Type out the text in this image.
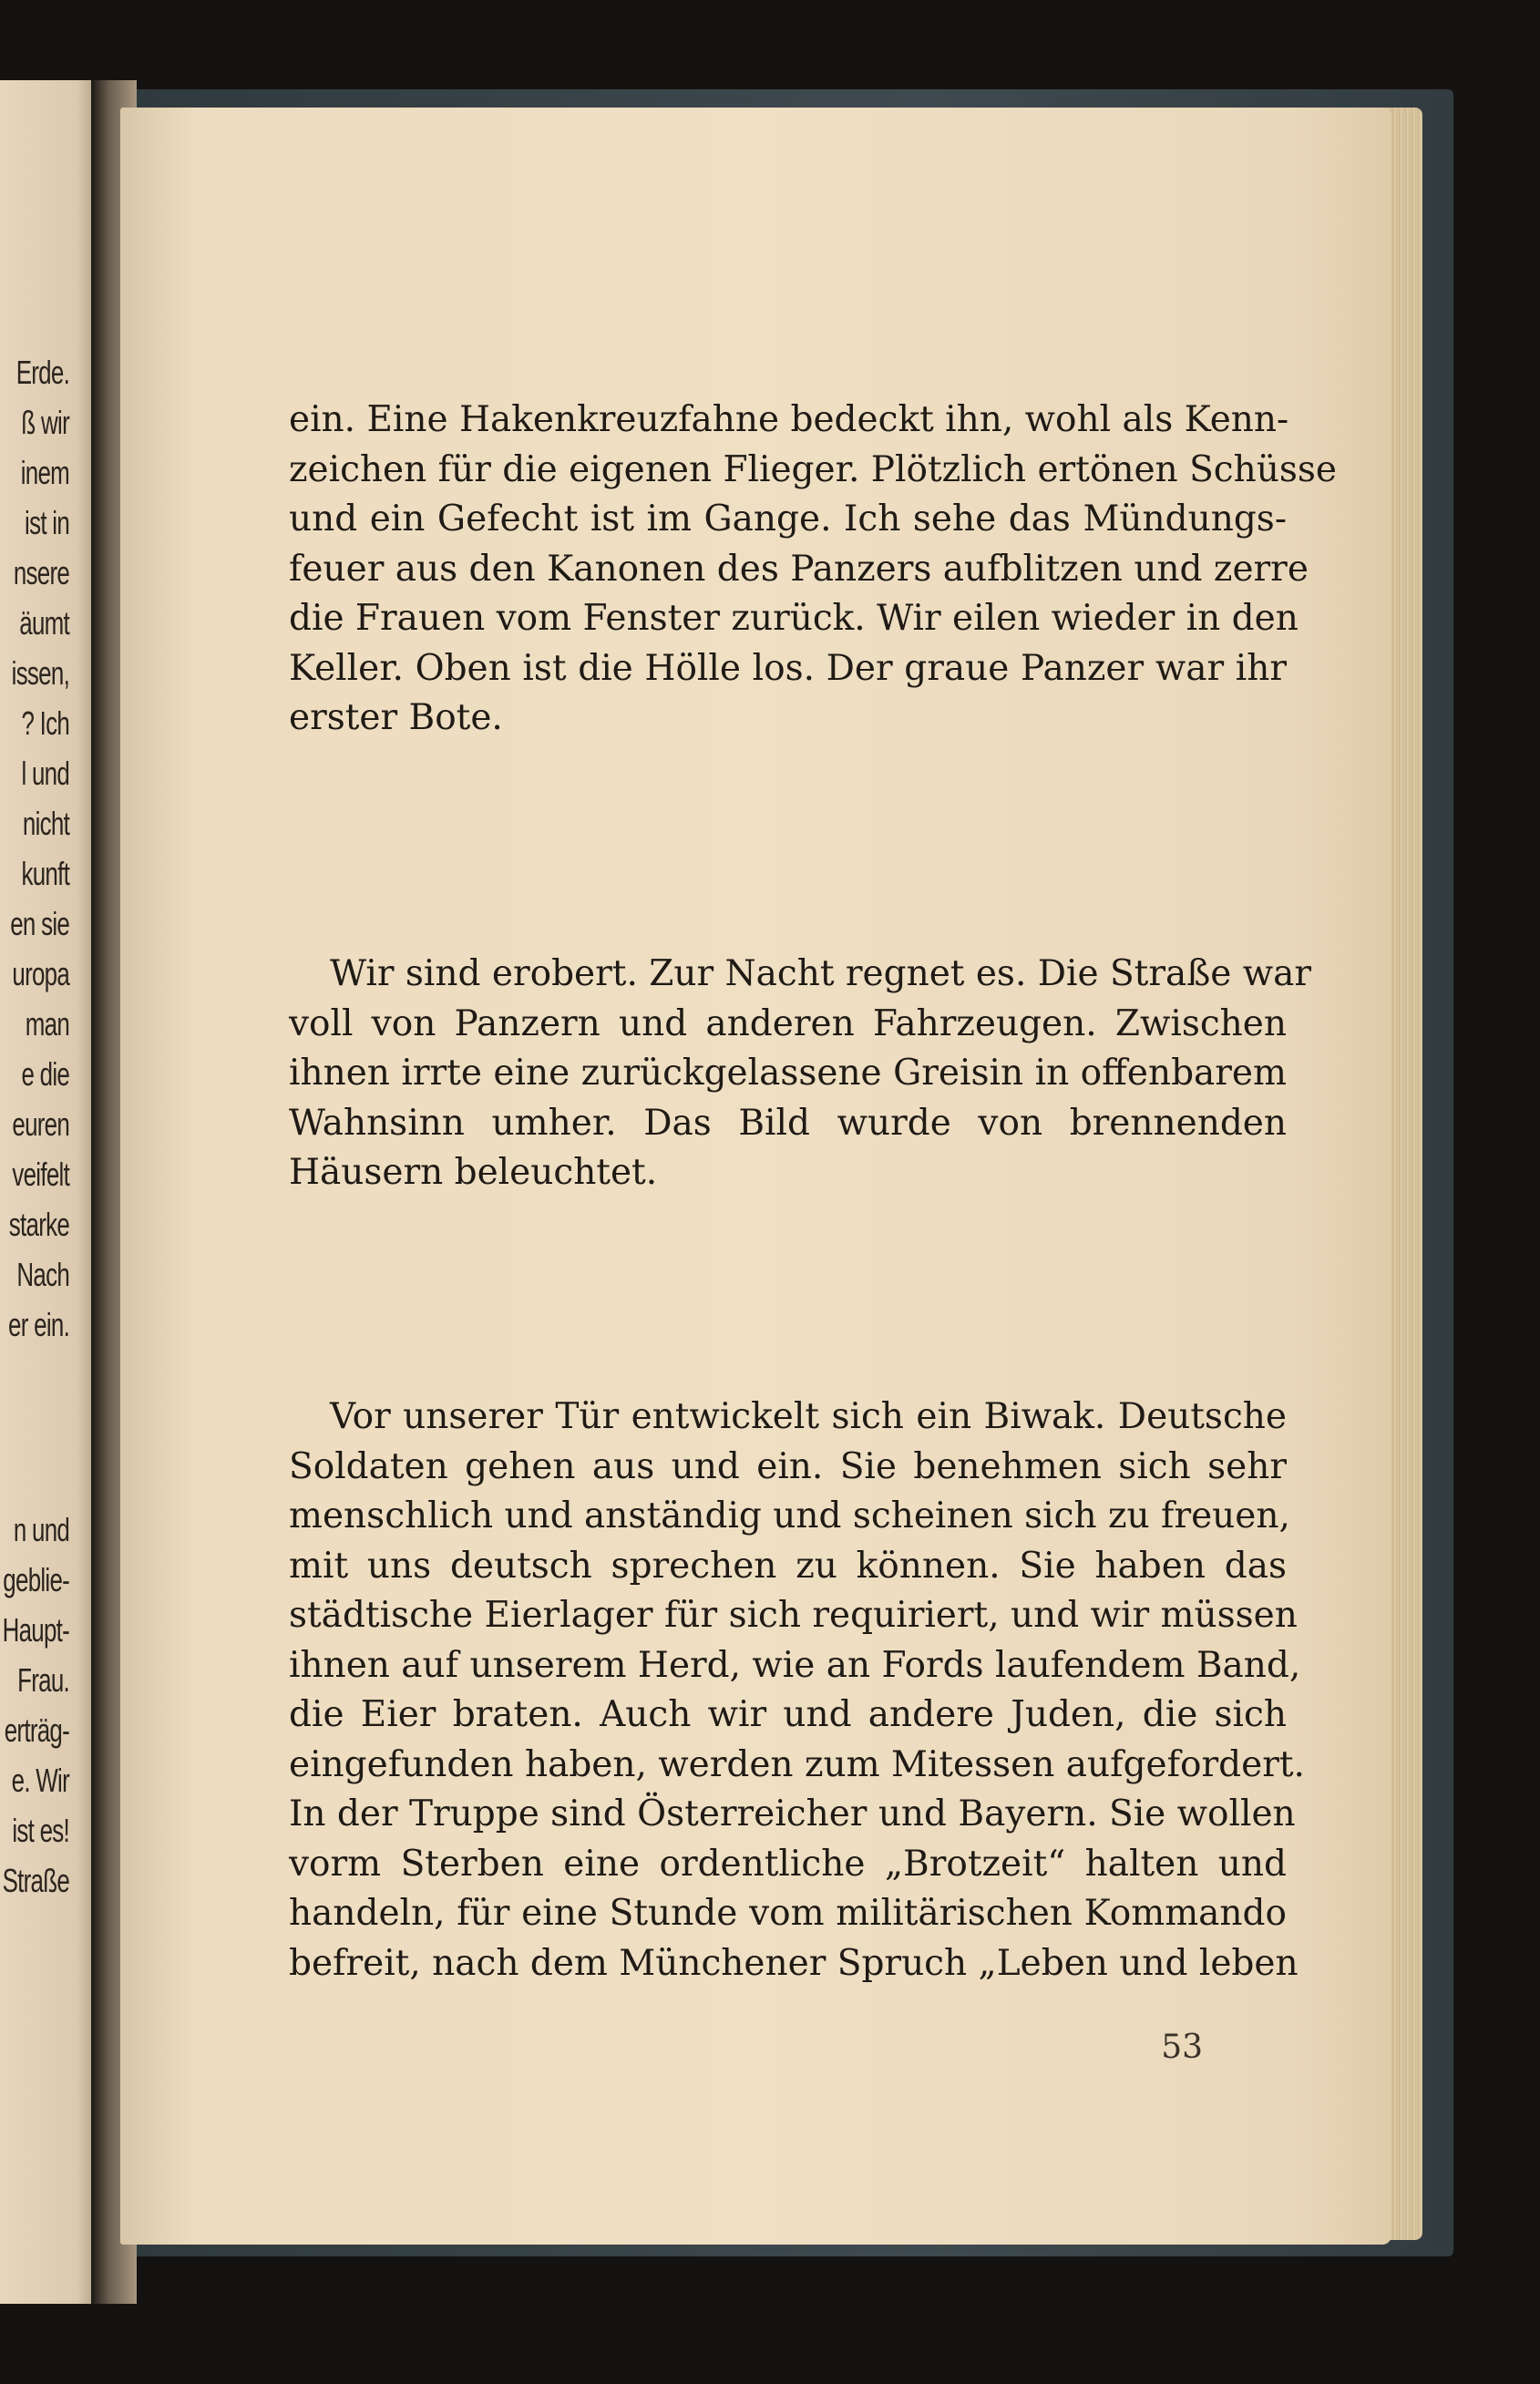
Erde.
ß wir
inem
ist in
nsere
äumt
issen,
? Ich
l und
nicht
kunft
en sie
uropa
man
e die
euren
veifelt
starke
Nach
er ein.
n und
geblie-
Haupt-
Frau.
erträg-
e. Wir
ist es!
Straße
ein. Eine Hakenkreuzfahne bedeckt ihn, wohl als Kenn-
zeichen für die eigenen Flieger. Plötzlich ertönen Schüsse
und ein Gefecht ist im Gange. Ich sehe das Mündungs-
feuer aus den Kanonen des Panzers aufblitzen und zerre
die Frauen vom Fenster zurück. Wir eilen wieder in den
Keller. Oben ist die Hölle los. Der graue Panzer war ihr
erster Bote.
Wir sind erobert. Zur Nacht regnet es. Die Straße war
voll von Panzern und anderen Fahrzeugen. Zwischen
ihnen irrte eine zurückgelassene Greisin in offenbarem
Wahnsinn umher. Das Bild wurde von brennenden
Häusern beleuchtet.
Vor unserer Tür entwickelt sich ein Biwak. Deutsche
Soldaten gehen aus und ein. Sie benehmen sich sehr
menschlich und anständig und scheinen sich zu freuen,
mit uns deutsch sprechen zu können. Sie haben das
städtische Eierlager für sich requiriert, und wir müssen
ihnen auf unserem Herd, wie an Fords laufendem Band,
die Eier braten. Auch wir und andere Juden, die sich
eingefunden haben, werden zum Mitessen aufgefordert.
In der Truppe sind Österreicher und Bayern. Sie wollen
vorm Sterben eine ordentliche „Brotzeit“ halten und
handeln, für eine Stunde vom militärischen Kommando
befreit, nach dem Münchener Spruch „Leben und leben
53
